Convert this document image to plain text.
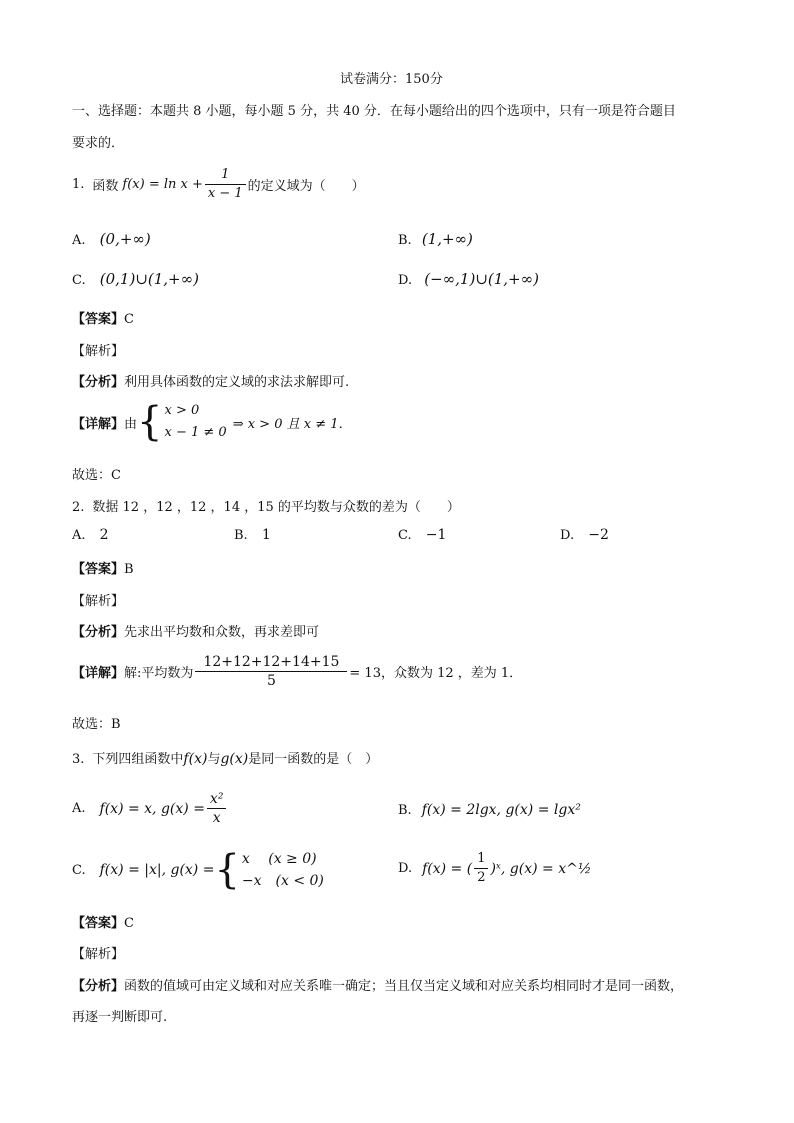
试卷满分：150分
一、选择题：本题共 8 小题，每小题 5 分，共 40 分．在每小题给出的四个选项中，只有一项是符合题目
要求的．
1. 函数 $f(x) = \ln x + \frac{1}{x - 1}$ 的定义域为（　　）
A. (0,+∞)	B. (1,+∞)
C. (0,1)∪(1,+∞)	D. (−∞,1)∪(1,+∞)
【答案】C
【解析】
【分析】利用具体函数的定义域的求法求解即可.
【详解】 由 { x > 0
x − 1 ≠ 0
⇒ x > 0 且 x ≠ 1．
故选：C
2. 数据 12 ，12 ，12 ，14 ，15 的平均数与众数的差为（　　）
A. 2	B. 1	C. −1	D. −2
【答案】B
【解析】
【分析】先求出平均数和众数，再求差即可
【详解】 解:平均数为 $\frac{12+12+12+14+15}{5} = 13$，众数为 12 ，差为 1．
故选：B
3. 下列四组函数中f(x)与g(x)是同一函数的是（　）
A. f(x) = x, $g(x) = \frac{\text{x²}}{x}$	B. f(x) = 2lgx, g(x) = lgx²
C. f(x) = |x|, g(x) = { x　 (x ≥ 0)
−x　(x < 0)
D. f(x) = ( $\frac{1}{2}$ )ˣ, g(x) = x^½
【答案】C
【解析】
【分析】函数的值域可由定义域和对应关系唯一确定；当且仅当定义域和对应关系均相同时才是同一函数，
再逐一判断即可.
